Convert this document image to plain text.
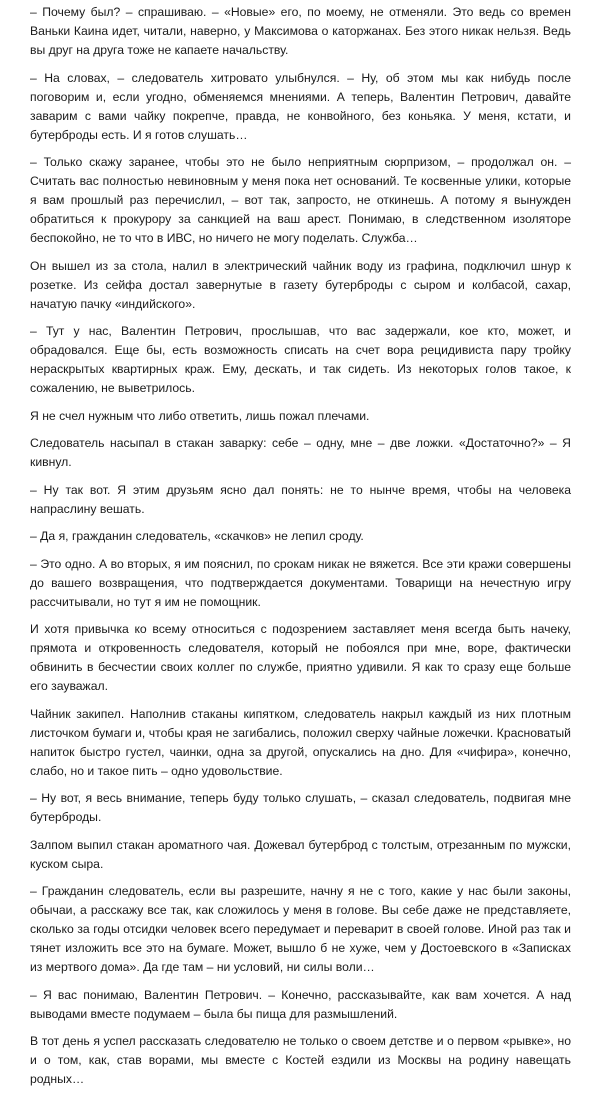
– Почему был? – спрашиваю. – «Новые» его, по моему, не отменяли. Это ведь со времен Ваньки Каина идет, читали, наверно, у Максимова о каторжанах. Без этого никак нельзя. Ведь вы друг на друга тоже не капаете начальству.

– На словах, – следователь хитровато улыбнулся. – Ну, об этом мы как нибудь после поговорим и, если угодно, обменяемся мнениями. А теперь, Валентин Петрович, давайте заварим с вами чайку покрепче, правда, не конвойного, без коньяка. У меня, кстати, и бутерброды есть. И я готов слушать…

– Только скажу заранее, чтобы это не было неприятным сюрпризом, – продолжал он. – Считать вас полностью невиновным у меня пока нет оснований. Те косвенные улики, которые я вам прошлый раз перечислил, – вот так, запросто, не откинешь. А потому я вынужден обратиться к прокурору за санкцией на ваш арест. Понимаю, в следственном изоляторе беспокойно, не то что в ИВС, но ничего не могу поделать. Служба…

Он вышел из за стола, налил в электрический чайник воду из графина, подключил шнур к розетке. Из сейфа достал завернутые в газету бутерброды с сыром и колбасой, сахар, начатую пачку «индийского».

– Тут у нас, Валентин Петрович, прослышав, что вас задержали, кое кто, может, и обрадовался. Еще бы, есть возможность списать на счет вора рецидивиста пару тройку нераскрытых квартирных краж. Ему, дескать, и так сидеть. Из некоторых голов такое, к сожалению, не выветрилось.

Я не счел нужным что либо ответить, лишь пожал плечами.

Следователь насыпал в стакан заварку: себе – одну, мне – две ложки. «Достаточно?» – Я кивнул.

– Ну так вот. Я этим друзьям ясно дал понять: не то нынче время, чтобы на человека напраслину вешать.

– Да я, гражданин следователь, «скачков» не лепил сроду.

– Это одно. А во вторых, я им пояснил, по срокам никак не вяжется. Все эти кражи совершены до вашего возвращения, что подтверждается документами. Товарищи на нечестную игру рассчитывали, но тут я им не помощник.

И хотя привычка ко всему относиться с подозрением заставляет меня всегда быть начеку, прямота и откровенность следователя, который не побоялся при мне, воре, фактически обвинить в бесчестии своих коллег по службе, приятно удивили. Я как то сразу еще больше его зауважал.

Чайник закипел. Наполнив стаканы кипятком, следователь накрыл каждый из них плотным листочком бумаги и, чтобы края не загибались, положил сверху чайные ложечки. Красноватый напиток быстро густел, чаинки, одна за другой, опускались на дно. Для «чифира», конечно, слабо, но и такое пить – одно удовольствие.

– Ну вот, я весь внимание, теперь буду только слушать, – сказал следователь, подвигая мне бутерброды.

Залпом выпил стакан ароматного чая. Дожевал бутерброд с толстым, отрезанным по мужски, куском сыра.

– Гражданин следователь, если вы разрешите, начну я не с того, какие у нас были законы, обычаи, а расскажу все так, как сложилось у меня в голове. Вы себе даже не представляете, сколько за годы отсидки человек всего передумает и переварит в своей голове. Иной раз так и тянет изложить все это на бумаге. Может, вышло б не хуже, чем у Достоевского в «Записках из мертвого дома». Да где там – ни условий, ни силы воли…

– Я вас понимаю, Валентин Петрович. – Конечно, рассказывайте, как вам хочется. А над выводами вместе подумаем – была бы пища для размышлений.

В тот день я успел рассказать следователю не только о своем детстве и о первом «рывке», но и о том, как, став ворами, мы вместе с Костей ездили из Москвы на родину навещать родных…
